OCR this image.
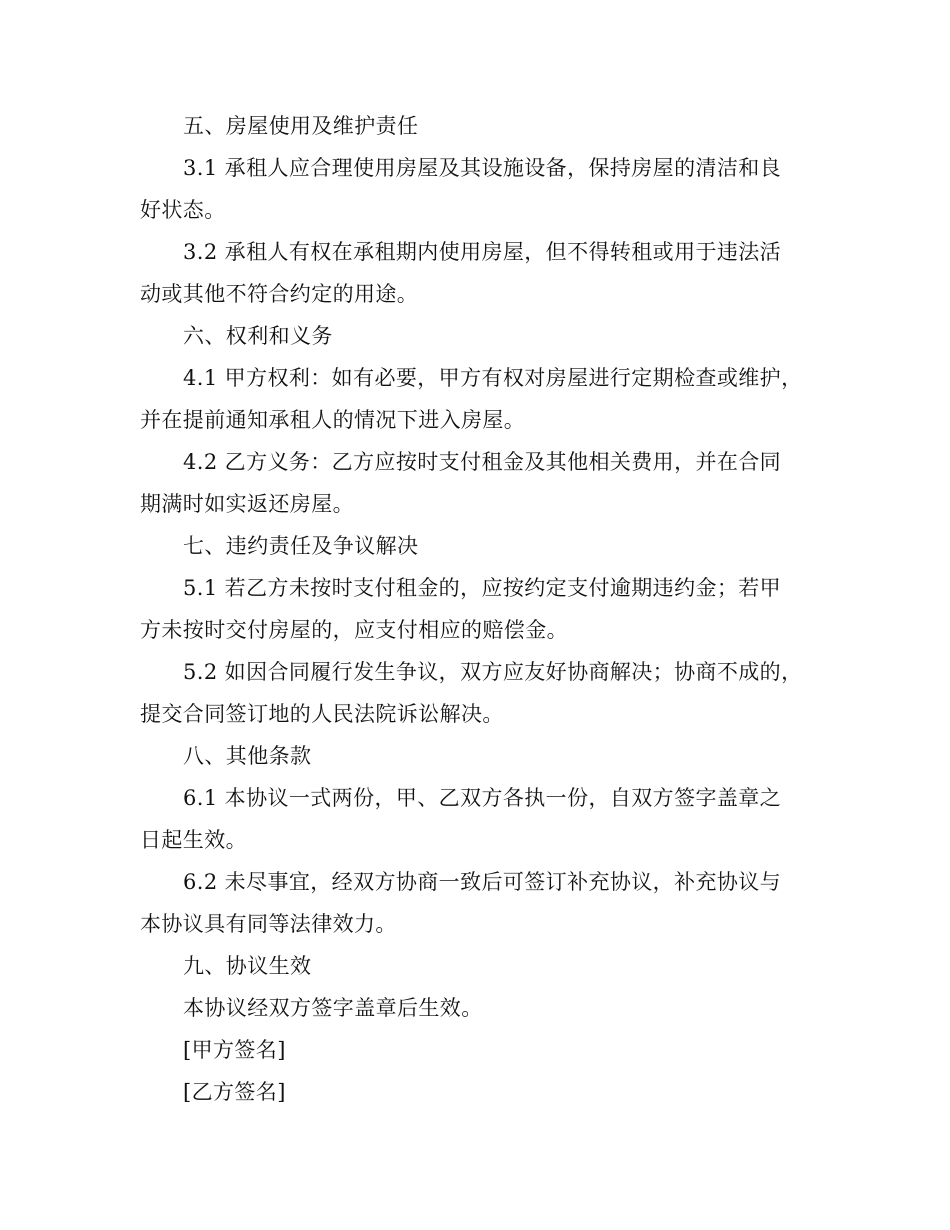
五、房屋使用及维护责任
3.1 承租人应合理使用房屋及其设施设备，保持房屋的清洁和良
好状态。
3.2 承租人有权在承租期内使用房屋，但不得转租或用于违法活
动或其他不符合约定的用途。
六、权利和义务
4.1 甲方权利：如有必要，甲方有权对房屋进行定期检查或维护，
并在提前通知承租人的情况下进入房屋。
4.2 乙方义务：乙方应按时支付租金及其他相关费用，并在合同
期满时如实返还房屋。
七、违约责任及争议解决
5.1 若乙方未按时支付租金的，应按约定支付逾期违约金；若甲
方未按时交付房屋的，应支付相应的赔偿金。
5.2 如因合同履行发生争议，双方应友好协商解决；协商不成的，
提交合同签订地的人民法院诉讼解决。
八、其他条款
6.1 本协议一式两份，甲、乙双方各执一份，自双方签字盖章之
日起生效。
6.2 未尽事宜，经双方协商一致后可签订补充协议，补充协议与
本协议具有同等法律效力。
九、协议生效
本协议经双方签字盖章后生效。
[甲方签名]
[乙方签名]
